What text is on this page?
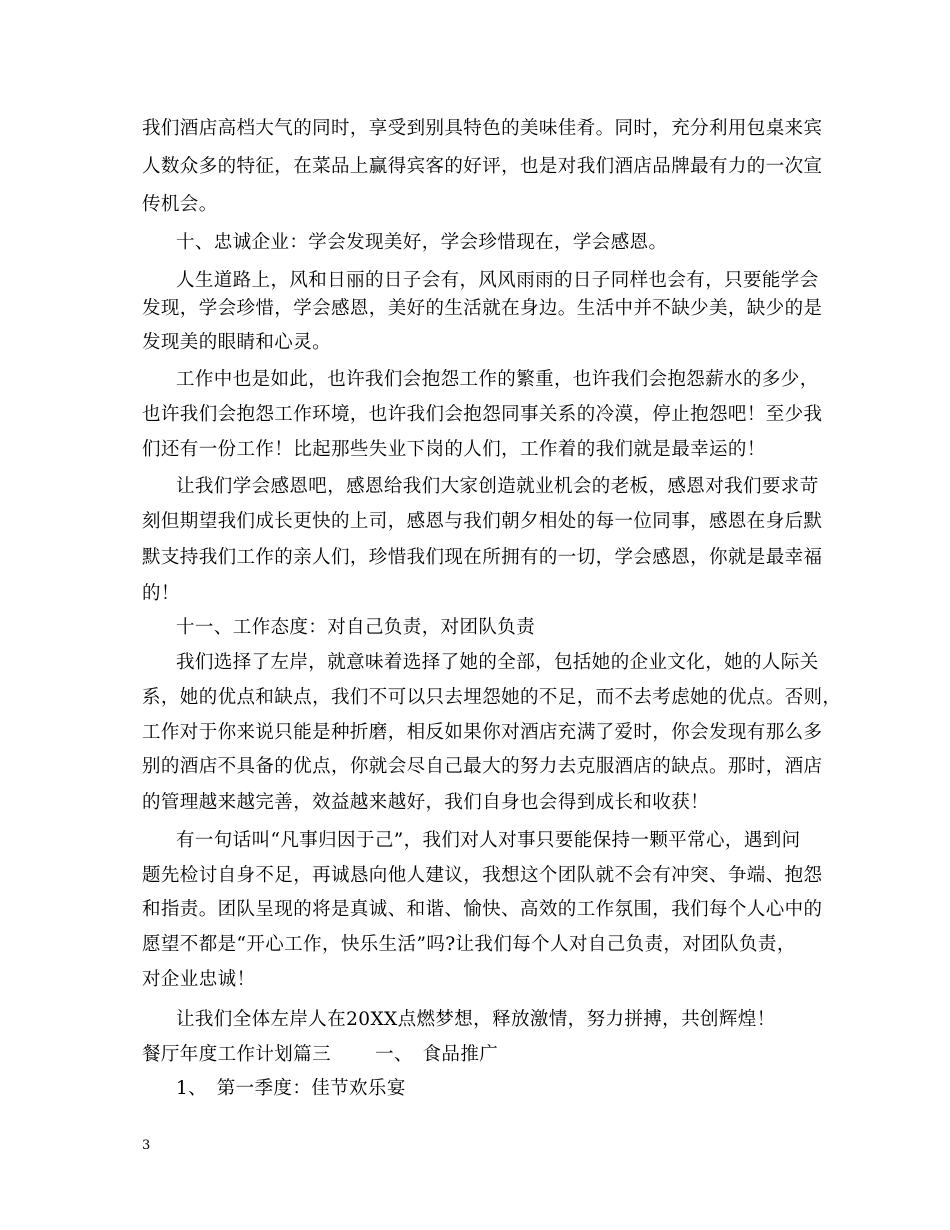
我们酒店高档大气的同时，享受到别具特色的美味佳肴。同时，充分利用包桌来宾
人数众多的特征，在菜品上赢得宾客的好评，也是对我们酒店品牌最有力的一次宣
传机会。
十、忠诚企业：学会发现美好，学会珍惜现在，学会感恩。
人生道路上，风和日丽的日子会有，风风雨雨的日子同样也会有，只要能学会
发现，学会珍惜，学会感恩，美好的生活就在身边。生活中并不缺少美，缺少的是
发现美的眼睛和心灵。
工作中也是如此，也许我们会抱怨工作的繁重，也许我们会抱怨薪水的多少，
也许我们会抱怨工作环境，也许我们会抱怨同事关系的冷漠，停止抱怨吧！至少我
们还有一份工作！比起那些失业下岗的人们，工作着的我们就是最幸运的！
让我们学会感恩吧，感恩给我们大家创造就业机会的老板，感恩对我们要求苛
刻但期望我们成长更快的上司，感恩与我们朝夕相处的每一位同事，感恩在身后默
默支持我们工作的亲人们，珍惜我们现在所拥有的一切，学会感恩，你就是最幸福
的！
十一、工作态度：对自己负责，对团队负责
我们选择了左岸，就意味着选择了她的全部，包括她的企业文化，她的人际关
系，她的优点和缺点，我们不可以只去埋怨她的不足，而不去考虑她的优点。否则，
工作对于你来说只能是种折磨，相反如果你对酒店充满了爱时，你会发现有那么多
别的酒店不具备的优点，你就会尽自己最大的努力去克服酒店的缺点。那时，酒店
的管理越来越完善，效益越来越好，我们自身也会得到成长和收获！
有一句话叫“凡事归因于己”，我们对人对事只要能保持一颗平常心，遇到问
题先检讨自身不足，再诚恳向他人建议，我想这个团队就不会有冲突、争端、抱怨
和指责。团队呈现的将是真诚、和谐、愉快、高效的工作氛围，我们每个人心中的
愿望不都是“开心工作，快乐生活”吗?让我们每个人对自己负责，对团队负责，
对企业忠诚！
让我们全体左岸人在20XX点燃梦想，释放激情，努力拼搏，共创辉煌！
餐厅年度工作计划篇三　　 一、　食品推广
1、　第一季度：佳节欢乐宴
3
